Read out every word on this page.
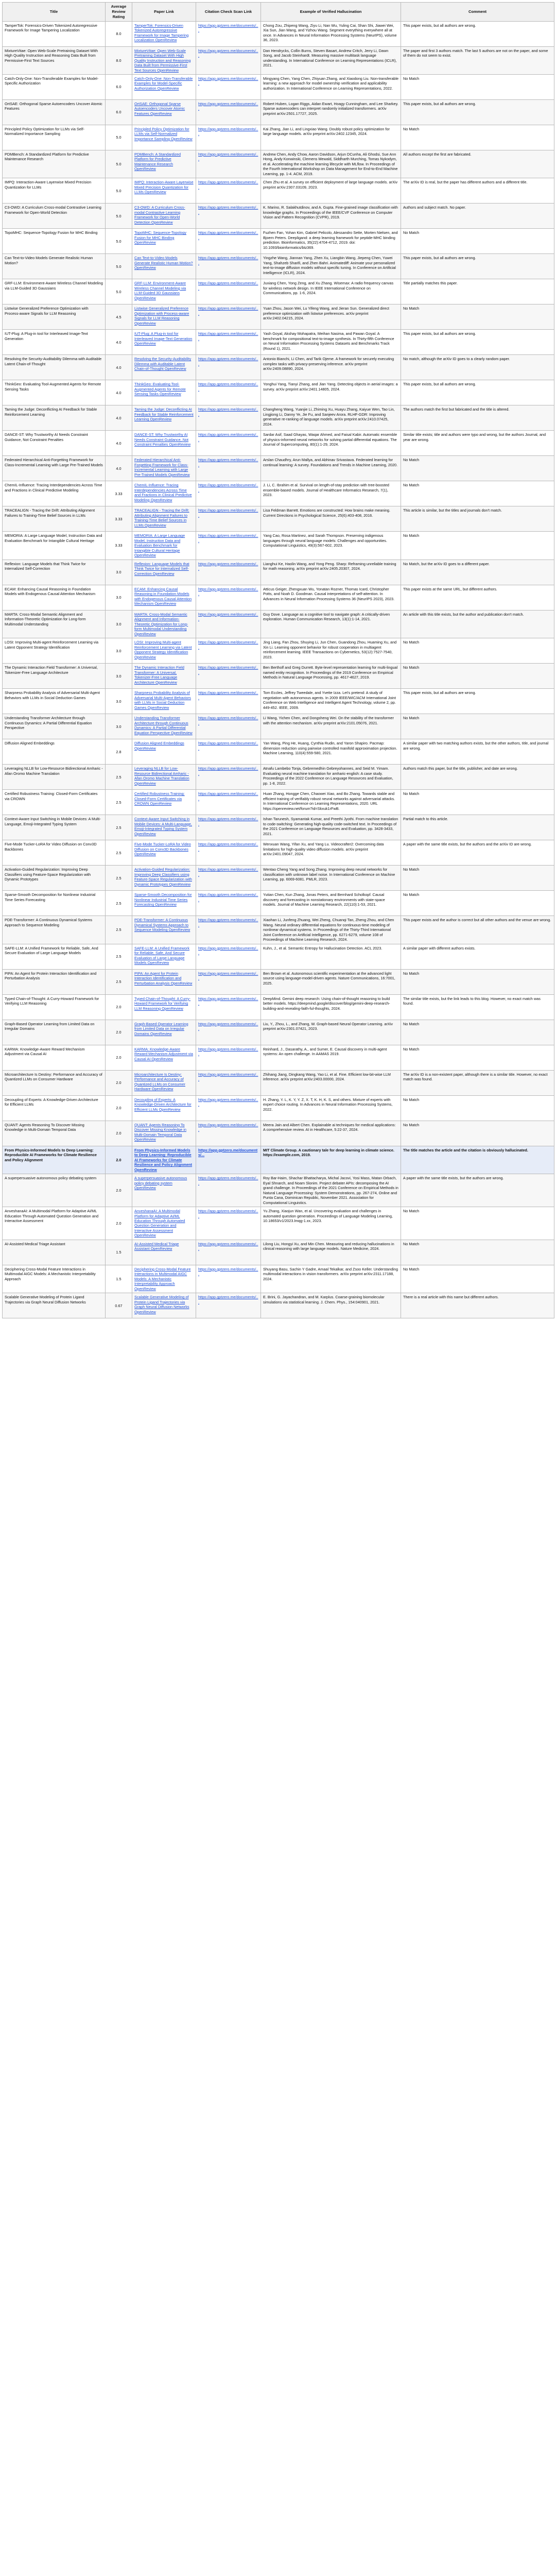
Title	Average Review Rating	Paper Link	Citation Check Scan Link	Example of Verified Hallucination	Comment
TamperTok: Forensics-Driven Tokenized Autoregressive Framework for Image Tampering Localization	8.0	TamperTok: Forensics-Driven Tokenized Autoregressive Framework for Image Tampering Localization OpenReview	https://app.gptzero.me/documents/...	Chong Zou, Zhipeng Wang, Ziyu Li, Nan Wu, Yuling Cai, Shan Shi, Jiawei Wei, Xia Sun, Jian Wang, and Yizhou Wang. Segment everything everywhere all at once. In Advances in Neural Information Processing Systems (NeurIPS), volume 36, 2023.	This paper exists, but all authors are wrong.
MixtureVitae: Open Web-Scale Pretraining Dataset With High Quality Instruction and Reasoning Data Built from Permissive-First Text Sources	8.0	MixtureVitae: Open Web-Scale Pretraining Dataset With High Quality Instruction and Reasoning Data Built from Permissive-First Text Sources OpenReview	https://app.gptzero.me/documents/...	Dan Hendrycks, Collin Burns, Steven Basart, Andrew Critch, Jerry Li, Dawn Song, and Jacob Steinhardt. Measuring massive multitask language understanding. In International Conference on Learning Representations (ICLR), 2021.	The paper and first 3 authors match. The last 5 authors are not on the paper, and some of them do not seem to exist.
Catch-Only-One: Non-Transferable Examples for Model-Specific Authorization	6.0	Catch-Only-One: Non-Transferable Examples for Model-Specific Authorization OpenReview	https://app.gptzero.me/documents/...	Mingyang Chen, Yang Chen, Zhiyuan Zhang, and Xiaodong Liu. Non-transferable learning: a new approach for model ownership verification and applicability authorization. In International Conference on Learning Representations, 2022.	No Match
OrtSAE: Orthogonal Sparse Autoencoders Uncover Atomic Features	6.0	OrtSAE: Orthogonal Sparse Autoencoders Uncover Atomic Features OpenReview	https://app.gptzero.me/documents/...	Robert Huben, Logan Riggs, Aidan Ewart, Hoagy Cunningham, and Lee Sharkey. Sparse autoencoders can interpret randomly initialized transformers. arXiv preprint arXiv:2501.17727, 2025.	This paper exists, but all authors are wrong.
Principled Policy Optimization for LLMs via Self-Normalized Importance Sampling	5.0	Principled Policy Optimization for LLMs via Self-Normalized Importance Sampling OpenReview	https://app.gptzero.me/documents/...	Kai Zhang, Jian Li, and Lingxiao Wang. Doubly robust policy optimization for large language models. arXiv preprint arXiv:2402.12345, 2024.	No Match
PDMBench: A Standardized Platform for Predictive Maintenance Research	5.0	PDMBench: A Standardized Platform for Predictive Maintenance Research OpenReview	https://app.gptzero.me/documents/...	Andrew Chen, Andy Chow, Aaron Davidson, Arjun DCunha, Ali Ghodsi, Sue Ann Hong, Andy Konwinski, Clemens Mewald, Siddharth Murching, Tomas Nykodym, et al. Accelerating the machine learning lifecycle with MLflow. In Proceedings of the Fourth International Workshop on Data Management for End-to-End Machine Learning, pp. 1-4. ACM, 2019.	All authors except the first are fabricated.
IMPQ: Interaction-Aware Layerwise Mixed Precision Quantization for LLMs	5.0	IMPQ: Interaction-Aware Layerwise Mixed Precision Quantization for LLMs OpenReview	https://app.gptzero.me/documents/...	Chen Zhu et al. A survey on efficient deployment of large language models. arXiv preprint arXiv:2307.03109, 2023.	The arXiv ID is real, but the paper has different authors and a different title.
C3-OWD: A Curriculum Cross-modal Contrastive Learning Framework for Open-World Detection	5.0	C3-OWD: A Curriculum Cross-modal Contrastive Learning Framework for Open-World Detection OpenReview	https://app.gptzero.me/documents/...	K. Marino, R. Salakhutdinov, and A. Gupta. Fine-grained image classification with knowledge graphs. In Proceedings of the IEEE/CVF Conference on Computer Vision and Pattern Recognition (CVPR), 2019.	Authors and subject match. No paper.
TopoMHC: Sequence-Topology Fusion for MHC Binding	5.0	TopoMHC: Sequence-Topology Fusion for MHC Binding OpenReview	https://app.gptzero.me/documents/...	Fuzhen Fan, Yohan Kim, Gabriel Pelicolo, Alessandro Sette, Morten Nielsen, and Bjoern Peters. Deepligand: a deep learning framework for peptide-MHC binding prediction. Bioinformatics, 35(22):4704-4712, 2019. doi: 10.1093/bioinformatics/btz369.	No Match
Can Text-to-Video Models Generate Realistic Human Motion?	5.0	Can Text-to-Video Models Generate Realistic Human Motion? OpenReview	https://app.gptzero.me/documents/...	Yingzhe Wang, Jiannan Yang, Zhen Xu, Liangbin Wang, Jiepeng Chen, Yuwei Yang, Shahzeb Sharifi, and Zhen Bahri. Animatediff: Animate your personalized text-to-image diffusion models without specific tuning. In Conference on Artificial Intelligence (ICLR), 2024.	This paper exists, but all authors are wrong.
GRF-LLM: Environment-Aware Wireless Channel Modeling via LLM-Guided 3D Gaussians	5.0	GRF-LLM: Environment-Aware Wireless Channel Modeling via LLM-Guided 3D Gaussians OpenReview	https://app.gptzero.me/documents/...	Juxiang Chen, Yong Zeng, and Xu Zhang. Wisemax: A radio frequency canvas for wireless network design. In IEEE International Conference on Communications, pp. 1-6, 2024.	Title partially matches this paper.
Listwise Generalized Preference Optimization with Process-aware Signals for LLM Reasoning	4.5	Listwise Generalized Preference Optimization with Process-aware Signals for LLM Reasoning OpenReview	https://app.gptzero.me/documents/...	Yuan Zhou, Jason Wei, Lu Yifeng Wang, and Jieran Sun. Generalized direct preference optimization with listwise preferences. arXiv preprint arXiv:2402.04215, 2024.	No Match
IUT-Plug: A Plug-in tool for Interleaved Image-Text Generation	4.0	IUT-Plug: A Plug-in tool for Interleaved Image-Text Generation OpenReview	https://app.gptzero.me/documents/...	Yash Goyal, Akshay Mohapatra, Meihan Nasima, and Pawan Goyal. A benchmark for compositional text-to-image synthesis. In Thirty-fifth Conference on Neural Information Processing Systems Datasets and Benchmarks Track (Round 1), 2021.	This paper exists, but all authors are wrong.
Resolving the Security-Auditability Dilemma with Auditable Latent Chain-of-Thought	4.0	Resolving the Security-Auditability Dilemma with Auditable Latent Chain-of-Thought OpenReview	https://app.gptzero.me/documents/...	Antonio Bianchi, Li Chen, and Tarik Ojeme. A framework for securely executing complex tasks with privacy-preserving inference. arXiv preprint arXiv:2409.08890, 2024.	No match, although the arXiv ID goes to a clearly random paper.
ThinkGeo: Evaluating Tool-Augmented Agents for Remote Sensing Tasks	4.0	ThinkGeo: Evaluating Tool-Augmented Agents for Remote Sensing Tasks OpenReview	https://app.gptzero.me/documents/...	Yonghui Yang, Tianyi Zhang, and Jian Yang. Detecting objects in aerial images: a survey. arXiv preprint arXiv:2401.14805, 2024.	This paper exists, but all authors are wrong.
Taming the Judge: Deconflicting AI Feedback for Stable Reinforcement Learning	4.0	Taming the Judge: Deconflicting AI Feedback for Stable Reinforcement Learning OpenReview	https://app.gptzero.me/documents/...	Changheng Wang, Yuanjie Li, Zhiming Xu, Huayu Zhang, Kaiyue Wen, Tao Lin, Lingjiong Li, Danny Ye, Jie Fu, and Sanjeev Arora. RLHF-GDR: Improving generative re-ranking of language models. arXiv preprint arXiv:2410.07425, 2024.	The authors match the first but fabricated and the title is altered.
DANCE-ST: Why Trustworthy AI Needs Constraint Guidance, Not Constraint Penalties	4.0	DANCE-ST: Why Trustworthy AI Needs Constraint Guidance, Not Constraint Penalties OpenReview	https://app.gptzero.me/documents/...	Sardar Asif, Saad Ghayas, Waqar Ahmed, and Faisal Kabir. Automatic ensemble of physics-informed neural networks for solving partial differential equations. The Journal of Supercomputing, 80(1):1-29, 2024.	Similar title exists; title and authors were typo and wrong, but the authors Journal, and year are wrong.
Federated Hierarchical Anti-Forgetting Framework for Class-Incremental Learning with Large Pre-Trained Models	4.0	Federated Hierarchical Anti-Forgetting Framework for Class-Incremental Learning with Large Pre-Trained Models OpenReview	https://app.gptzero.me/documents/...	Arslan Chaudhry, Arun Mallya, and Abhinav Srivastava. Federated learning for continual learning: A survey. Foundations and Trends in Machine Learning, 2020.	No Match
ChemIL-Influence: Tracing Interdependencies Across Time and Fractions in Clinical Predictive Modeling	3.33	ChemIL-Influence: Tracing Interdependencies Across Time and Fractions in Clinical Predictive Modeling OpenReview	https://app.gptzero.me/documents/...	J. Li, C. Ibrahim et al. Survival on length-of-stay prediction with tree-boosted ensemble-based models. Journal of Healthcare Informatics Research, 7(1), 2023.	No Match
TRACEALIGN - Tracing the Drift: Attributing Alignment Failures to Training-Time Belief Sources in LLMs	3.33	TRACEALIGN - Tracing the Drift: Attributing Alignment Failures to Training-Time Belief Sources in LLMs OpenReview	https://app.gptzero.me/documents/...	Lisa Feldman Barrett. Emotions are constructed: How brains make meaning. Current Directions in Psychological Science, 25(6):403-408, 2016.	This article is similar, but the titles and journals don't match.
MEMORIA: A Large Language Model, Instruction Data and Evaluation Benchmark for Intangible Cultural Heritage	3.33	MEMORIA: A Large Language Model, Instruction Data and Evaluation Benchmark for Intangible Cultural Heritage OpenReview	https://app.gptzero.me/documents/...	Yang Cao, Rosa Martinez, and Sarah Thompson. Preserving indigenous languages through neural language models: Challenges and opportunities. Computational Linguistics, 49(3):567-602, 2023.	No Match
Reflexion: Language Models that Think Twice for Internalized Self-Correction	3.0	Reflexion: Language Models that Think Twice for Internalized Self-Correction OpenReview	https://app.gptzero.me/documents/...	Lianghui Ke, Haolin Wang, and Yong Peng. Sharp: Reframing unreliable training for math reasoning. arXiv preprint arXiv:2405.20307, 2024.	No Match, but the arXiv ID goes to a different paper.
ECAM: Enhancing Causal Reasoning in Foundation Models with Endogenous Causal Attention Mechanism	3.0	ECAM: Enhancing Causal Reasoning in Foundation Models with Endogenous Causal Attention Mechanism OpenReview	https://app.gptzero.me/documents/...	Atticus Geiger, Zhengxuan Wu, Yonatan Rozner, Thomas Icard, Christopher Potts, and Noah D. Goodman. Causal interpretations of self-attention. In Advances in Neural Information Processing Systems 36 (NeurIPS 2023), 2023.	This paper exists at the same URL, but different authors.
MARTA: Cross-Modal Semantic Alignment and Information-Theoretic Optimization for Long-form Multimodal Understanding	3.0	MARTA: Cross-Modal Semantic Alignment and Information-Theoretic Optimization for Long-form Multimodal Understanding OpenReview	https://app.gptzero.me/documents/...	Guy Dove. Language as a cognitive tool to navigate graph: A critically-driven exploration. Human Communication Research, 13(1):1-14, 2021.	An article with this title exists, but the author and publication don't match.
LOSI: Improving Multi-agent Reinforcement Learning via Latent Opponent Strategy Identification	3.0	LOSI: Improving Multi-agent Reinforcement Learning via Latent Opponent Strategy Identification OpenReview	https://app.gptzero.me/documents/...	Jing Liang, Fan Zhou, Shuying Li, Jun Chen, Guandong Zhou, Huaming Xu, and Xin Li. Learning opponent behavior for robust cooperation in multiagent reinforcement learning. IEEE Transactions on Cybernetics, 53(12):7527-7540, 2023.	No Match
The Dynamic Interaction Field Transformer: A Universal, Tokenizer-Free Language Architecture	3.0	The Dynamic Interaction Field Transformer: A Universal, Tokenizer-Free Language Architecture OpenReview	https://app.gptzero.me/documents/...	Ben Bertholf and Greg Durrett. Byte-level representation learning for multi-lingual named entity recognition. In Proceedings of the 2019 Conference on Empirical Methods in Natural Language Processing, pp. 4617-4627, 2019.	No Match
Sharpness Probability Analysis of Adversarial Multi-Agent Behaviors with LLMs in Social Deduction Games	3.0	Sharpness Probability Analysis of Adversarial Multi-Agent Behaviors with LLMs in Social Deduction Games OpenReview	https://app.gptzero.me/documents/...	Tom Eccles, Jeffrey Tweedale, and Yvette Izza. Let's pretend: A study of negotiation with autonomous agents. In 2009 IEEE/WIC/ACM International Joint Conference on Web Intelligence and Intelligent Agent Technology, volume 2, pp. 449-452. IEEE, 2009.	This paper exists, but all authors are wrong.
Understanding Transformer Architecture through Continuous Dynamics: A Partial Differential Equation Perspective	3.0	Understanding Transformer Architecture through Continuous Dynamics: A Partial Differential Equation Perspective OpenReview	https://app.gptzero.me/documents/...	Li Wang, Yichen Chen, and Dongsheng Wei. On the stability of the transformer with the attention mechanism. arXiv preprint arXiv:2101.05076, 2021.	No Match
Diffusion Aligned Embeddings	2.8	Diffusion Aligned Embeddings OpenReview	https://app.gptzero.me/documents/...	Yan Wang, Ping He, Huang, Cynthia Rudin, and Yaron Shapiro. Pacmap: dimension reduction using pairwise controlled manifold approximation projection. Machine Learning, 110(4):559-580, 2021.	A similar paper with two matching authors exists, but the other authors, title, and journal are wrong.
Leveraging NLLB for Low-Resource Bidirectional Amharic - Afan Oromo Machine Translation	2.5	Leveraging NLLB for Low-Resource Bidirectional Amharic - Afan Oromo Machine Translation OpenReview	https://app.gptzero.me/documents/...	Atnafu Lambebo Tonja, Gebremedhin Gebreyohannes, and Seid M. Yimam. Evaluating neural machine translation for amharic-english: A case study. Proceedings of the 2022 Conference on Language Resources and Evaluation, pp. 1-8, 2022.	Authors match this paper, but the title, publisher, and date are wrong.
Certified Robustness Training: Closed-Form Certificates via CROWN	2.5	Certified Robustness Training: Closed-Form Certificates via CROWN OpenReview	https://app.gptzero.me/documents/...	Huan Zhang, Hongge Chen, Chaowei Xiao, and Bo Zhang. Towards stable and efficient training of verifiably robust neural networks against adversarial attacks. In International Conference on Learning Representations, 2020. URL https://openreview.net/forum?id=Skxuk1rFwB.	No Match
Context-Aware Input Switching in Mobile Devices: A Multi-Language, Emoji-Integrated Typing System	2.5	Context-Aware Input Switching in Mobile Devices: A Multi-Language, Emoji-Integrated Typing System OpenReview	https://app.gptzero.me/documents/...	Ishan Tarunesh, Syamantak Kumar, and Preethi Jyothi. From machine translation to code-switching: Generating high-quality code-switched text. In Proceedings of the 2021 Conference on Language Resources and Evaluation, pp. 3428-3433, 2021.	Partial match to this article.
Five-Mode Tucker-LoRA for Video Diffusion on Conv3D Backbones	2.5	Five-Mode Tucker-LoRA for Video Diffusion on Conv3D Backbones OpenReview	https://app.gptzero.me/documents/...	Wenxuan Wang, Yifan Xu, and Yang Lu. Videocrafter2: Overcoming data limitations for high-quality video diffusion models. arXiv preprint arXiv:2401.09047, 2024.	A paper with the same title exists, but the authors and the arXiv ID are wrong.
Activation-Guided Regularization: Improving Deep Classifiers using Feature-Space Regularization with Dynamic Prototypes	2.5	Activation-Guided Regularization: Improving Deep Classifiers using Feature-Space Regularization with Dynamic Prototypes OpenReview	https://app.gptzero.me/documents/...	Wentao Cheng Yang and Song Zhang. Improving deep neural networks for classification with unknown label noise. In International Conference on Machine Learning, pp. 6069-6081. PMLR, 2023.	No Match
Sparse-Smooth Decomposition for Nonlinear Industrial Time Series Forecasting	2.5	Sparse-Smooth Decomposition for Nonlinear Industrial Time Series Forecasting OpenReview	https://app.gptzero.me/documents/...	Yutian Chen, Kun Zhang, Jonas Peters, and Bernhard Scholkopf. Causal discovery and forecasting in nonstationary environments with state-space models. Journal of Machine Learning Research, 22(110):1-53, 2021.	No Match
PDE-Transformer: A Continuous Dynamical Systems Approach to Sequence Modeling	2.5	PDE-Transformer: A Continuous Dynamical Systems Approach to Sequence Modeling OpenReview	https://app.gptzero.me/documents/...	Xiaohan Li, Junfeng Zhuang, Wei Zheng, Chuanqi Tan, Zheng Zhou, and Chen Wang. Neural ordinary differential equations for continuous-time modeling of nonlinear dynamical systems. In Proceedings of the Thirty-Third International Joint Conference on Artificial Intelligence, pp. 6271-6279, volume 108 of Proceedings of Machine Learning Research, 2024.	This paper exists and the author is correct but all other authors and the venue are wrong.
SAFE-LLM: A Unified Framework for Reliable, Safe, And Secure Evaluation of Large Language Models	2.5	SAFE-LLM: A Unified Framework for Reliable, Safe, And Secure Evaluation of Large Language Models OpenReview	https://app.gptzero.me/documents/...	Kuhn, J., et al. Semantic Entropy for Hallucination Detection. ACL 2023.	A similar paper with different authors exists.
PIPA: An Agent for Protein Interaction Identification and Perturbation Analysis	2.5	PIPA: An Agent for Protein Interaction Identification and Perturbation Analysis OpenReview	https://app.gptzero.me/documents/...	Ben Brown et al. Autonomous scientific experimentation at the advanced light source using language-model-driven agents. Nature Communications, 16:7001, 2025.	No Match
Typed Chain-of-Thought: A Curry-Howard Framework for Verifying LLM Reasoning	2.0	Typed Chain-of-Thought: A Curry-Howard Framework for Verifying LLM Reasoning OpenReview	https://app.gptzero.me/documents/...	DeepMind. Gemini deep research: Using chain-of-thought reasoning to build better models. https://deepmind.google/discover/blog/gemini-deep-research-building-and-revealing-faith-ful-thoughts, 2024.	The similar title exists, but the link leads to this blog. However, no exact match was found.
Graph-Based Operator Learning from Limited Data on Irregular Domains	2.0	Graph-Based Operator Learning from Limited Data on Irregular Domains OpenReview	https://app.gptzero.me/documents/...	Liu, Y., Zhou, L., and Zhang, W. Graph-based Neural Operator Learning. arXiv preprint arXiv:2301.07421, 2023.	No Match
KARMA: Knowledge-Aware Reward Mechanism Adjustment via Causal AI	2.0	KARMA: Knowledge-Aware Reward Mechanism Adjustment via Causal AI OpenReview	https://app.gptzero.me/documents/...	Reinhard, J., Dasarathy, A., and Sumer, E. Causal discovery in multi-agent systems: An open challenge. In AAMAS 2019.	No Match
Microarchitecture Is Destiny: Performance and Accuracy of Quantized LLMs on Consumer Hardware	2.0	Microarchitecture Is Destiny: Performance and Accuracy of Quantized LLMs on Consumer Hardware OpenReview	https://app.gptzero.me/documents/...	Zhihang Jiang, Dingkang Wang, Yao Li, et al. Fine. Efficient low-bit-wise LLM inference. arXiv preprint arXiv:2403.00000, 2024.	The arXiv ID is a non-existent paper, although there is a similar title. However, no exact match was found.
Decoupling of Experts: A Knowledge-Driven Architecture for Efficient LLMs	2.0	Decoupling of Experts: A Knowledge-Driven Architecture for Efficient LLMs OpenReview	https://app.gptzero.me/documents/...	H. Zhang, Y. L, K. Y, Y. Z, X. T, K. H, K. S, and others. Mixture of experts with expert choice routing. In Advances in Neural Information Processing Systems, 2022.	No Match
QUANT: Agents Reasoning To Discover Missing Knowledge in Multi-Domain Temporal Data	2.0	QUANT: Agents Reasoning To Discover Missing Knowledge in Multi-Domain Temporal Data OpenReview	https://app.gptzero.me/documents/...	Meera Jain and Albert Chen. Explainable ai techniques for medical applications: A comprehensive review. AI in Healthcare, 5:22-37, 2024.	No Match
From Physics-Informed Models to Deep Learning: Reproducible AI Frameworks for Climate Resilience and Policy Alignment	2.0	From Physics-Informed Models to Deep Learning: Reproducible AI Frameworks for Climate Resilience and Policy Alignment OpenReview	https://app.gptzero.me/documents/...	MIT Climate Group. A cautionary tale for deep learning in climate science. https://example.com, 2019.	The title matches the article and the citation is obviously hallucinated.
A superpersuasive autonomous policy debating system	2.0	A superpersuasive autonomous policy debating system OpenReview	https://app.gptzero.me/documents/...	Roy Bar-Haim, Shachar Bhattacharya, Michal Jacovi, Yosi Mass, Matan Orbach, Eyal Shnarch, and Noam Slonim. Project debater APIs: decomposing the AI grand challenge. In Proceedings of the 2021 Conference on Empirical Methods in Natural Language Processing: System Demonstrations, pp. 267-274, Online and Punta Cana, Dominican Republic, November 2021. Association for Computational Linguistics.	A paper with the same title exists, but the authors are wrong.
AnveshanaAI: A Multimodal Platform for Adaptive AI/ML Education Through Automated Question Generation and Interactive Assessment	2.0	AnveshanaAI: A Multimodal Platform for Adaptive AI/ML Education Through Automated Question Generation and Interactive Assessment OpenReview	https://app.gptzero.me/documents/...	Yu Zhang, Xiaojun Wan, et al. Uncovering evaluation and challenges in automated question generation. Proceedings of Language Modeling Learning, 10.18653/v1/2023.lmqg-1.xx, 2023.	No Match
AI-Assisted Medical Triage Assistant	1.5	AI-Assisted Medical Triage Assistant OpenReview	https://app.gptzero.me/documents/...	Lilong Liu, Hongyi Xu, and Min Chen. Measuring and reducing hallucinations in clinical reasoning with large language models. Nature Medicine, 2024.	No Match
Deciphering Cross-Modal Feature Interactions in Multimodal AIGC Models: A Mechanistic Interpretability Approach	1.5	Deciphering Cross-Modal Feature Interactions in Multimodal AIGC Models: A Mechanistic Interpretability Approach OpenReview	https://app.gptzero.me/documents/...	Shuyang Basu, Sachin Y Gadre, Amaal Tekalkar, and Zsoo Keller. Understanding multimodal interactions in vision transformers. arXiv preprint arXiv:2311.17188, 2024.	No Match
Scalable Generative Modeling of Protein Ligand Trajectories via Graph Neural Diffusion Networks	0.67	Scalable Generative Modeling of Protein Ligand Trajectories via Graph Neural Diffusion Networks OpenReview	https://app.gptzero.me/documents/...	E. Brini, G. Jayachandran, and M. Karplus. Coarse-graining biomolecular simulations via statistical learning. J. Chem. Phys., 154:040901, 2021.	There is a real article with this name but different authors.
